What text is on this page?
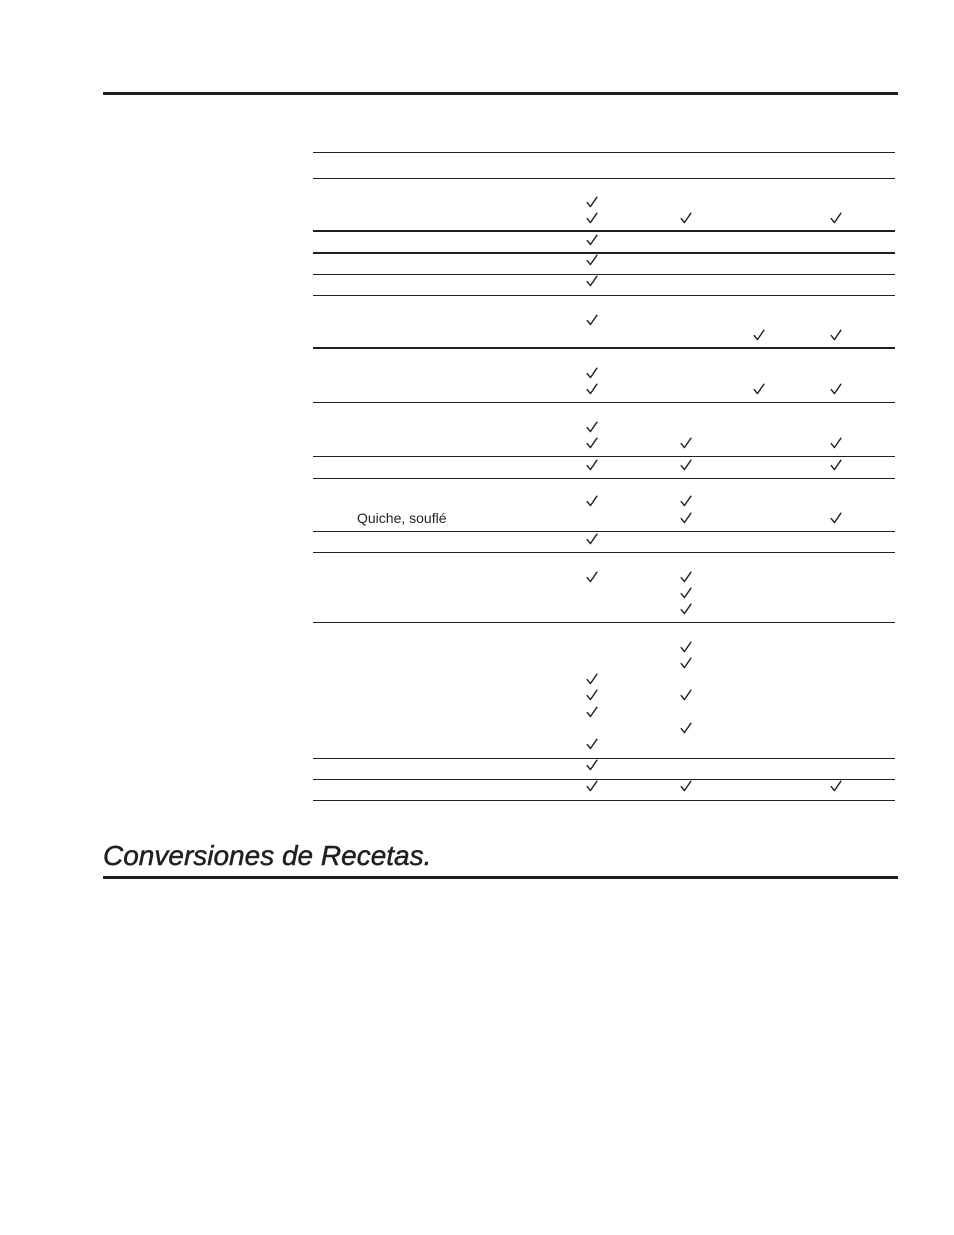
Quiche, souflé
Conversiones de Recetas.
